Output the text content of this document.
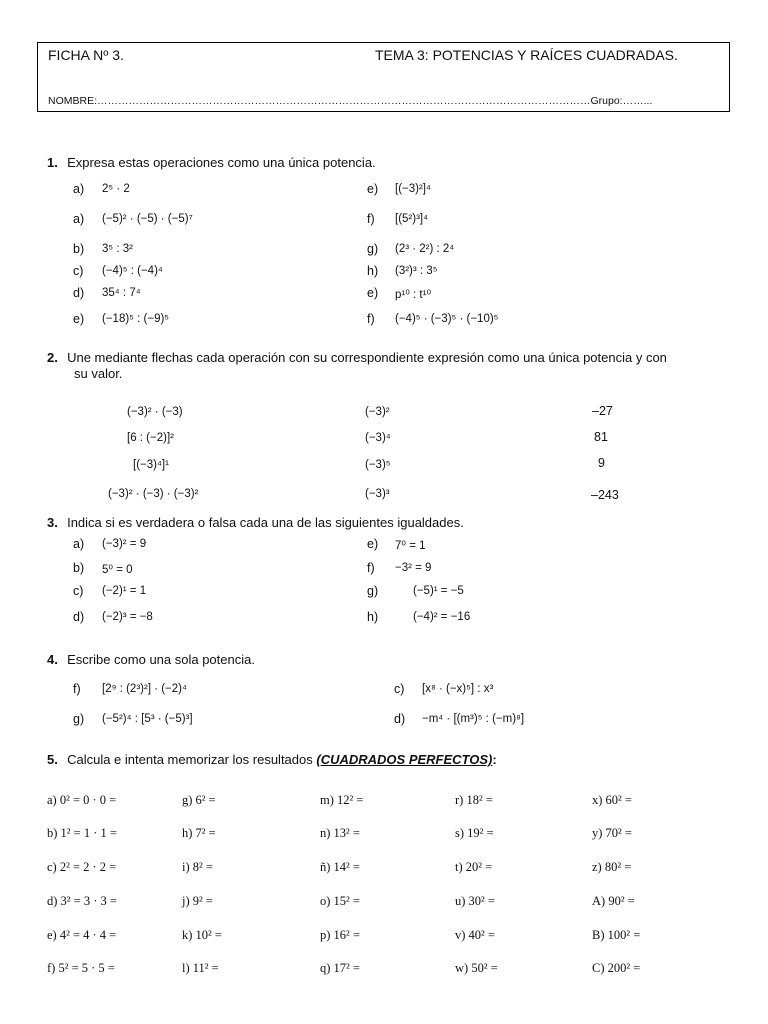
FICHA Nº 3.	TEMA 3: POTENCIAS Y RAÍCES CUADRADAS.
NOMBRE:……………………………………………………………………………………………………………………………Grupo:……...
1. Expresa estas operaciones como una única potencia.
a) 2⁵ · 2
a) (−5)² · (−5) · (−5)⁷
b) 3⁵ : 3²
c) (−4)⁵ : (−4)⁴
d) 35⁴ : 7⁴
e) (−18)⁵ : (−9)⁵
e) [(−3)²]⁴
f) [(5²)³]⁴
g) (2³ · 2²) : 2⁴
h) (3²)³ : 3⁵
e) p¹⁰ : t¹⁰
f) (−4)⁵ · (−3)⁵ · (−10)⁵
2. Une mediante flechas cada operación con su correspondiente expresión como una única potencia y con
su valor.
(−3)² · (−3)
[6 : (−2)]²
[(−3)⁴]¹
(−3)² · (−3) · (−3)²
(−3)²
(−3)⁴
(−3)⁵
(−3)³
–27
81
9
–243
3. Indica si es verdadera o falsa cada una de las siguientes igualdades.
a) (−3)² = 9
b) 5⁰ = 0
c) (−2)¹ = 1
d) (−2)³ = −8
e) 7⁰ = 1
f) −3² = 9
g)	(−5)¹ = −5
h)	(−4)² = −16
4. Escribe como una sola potencia.
f) [2⁹ : (2³)²] · (−2)⁴	c) [x⁸ · (−x)⁵] : x³
g) (−5²)⁴ : [5³ · (−5)³]	d) −m⁴ · [(m³)⁵ : (−m)⁸]
5. Calcula e intenta memorizar los resultados (CUADRADOS PERFECTOS):
a) 0² = 0 · 0 =
b) 1² = 1 · 1 =
c) 2² = 2 · 2 =
d) 3² = 3 · 3 =
e) 4² = 4 · 4 =
f) 5² = 5 · 5 =
g) 6² =
h) 7² =
i) 8² =
j) 9² =
k) 10² =
l) 11² =
m) 12² =
n) 13² =
ñ) 14² =
o) 15² =
p) 16² =
q) 17² =
r) 18² =
s) 19² =
t) 20² =
u) 30² =
v) 40² =
w) 50² =
x) 60² =
y) 70² =
z) 80² =
A) 90² =
B) 100² =
C) 200² =
